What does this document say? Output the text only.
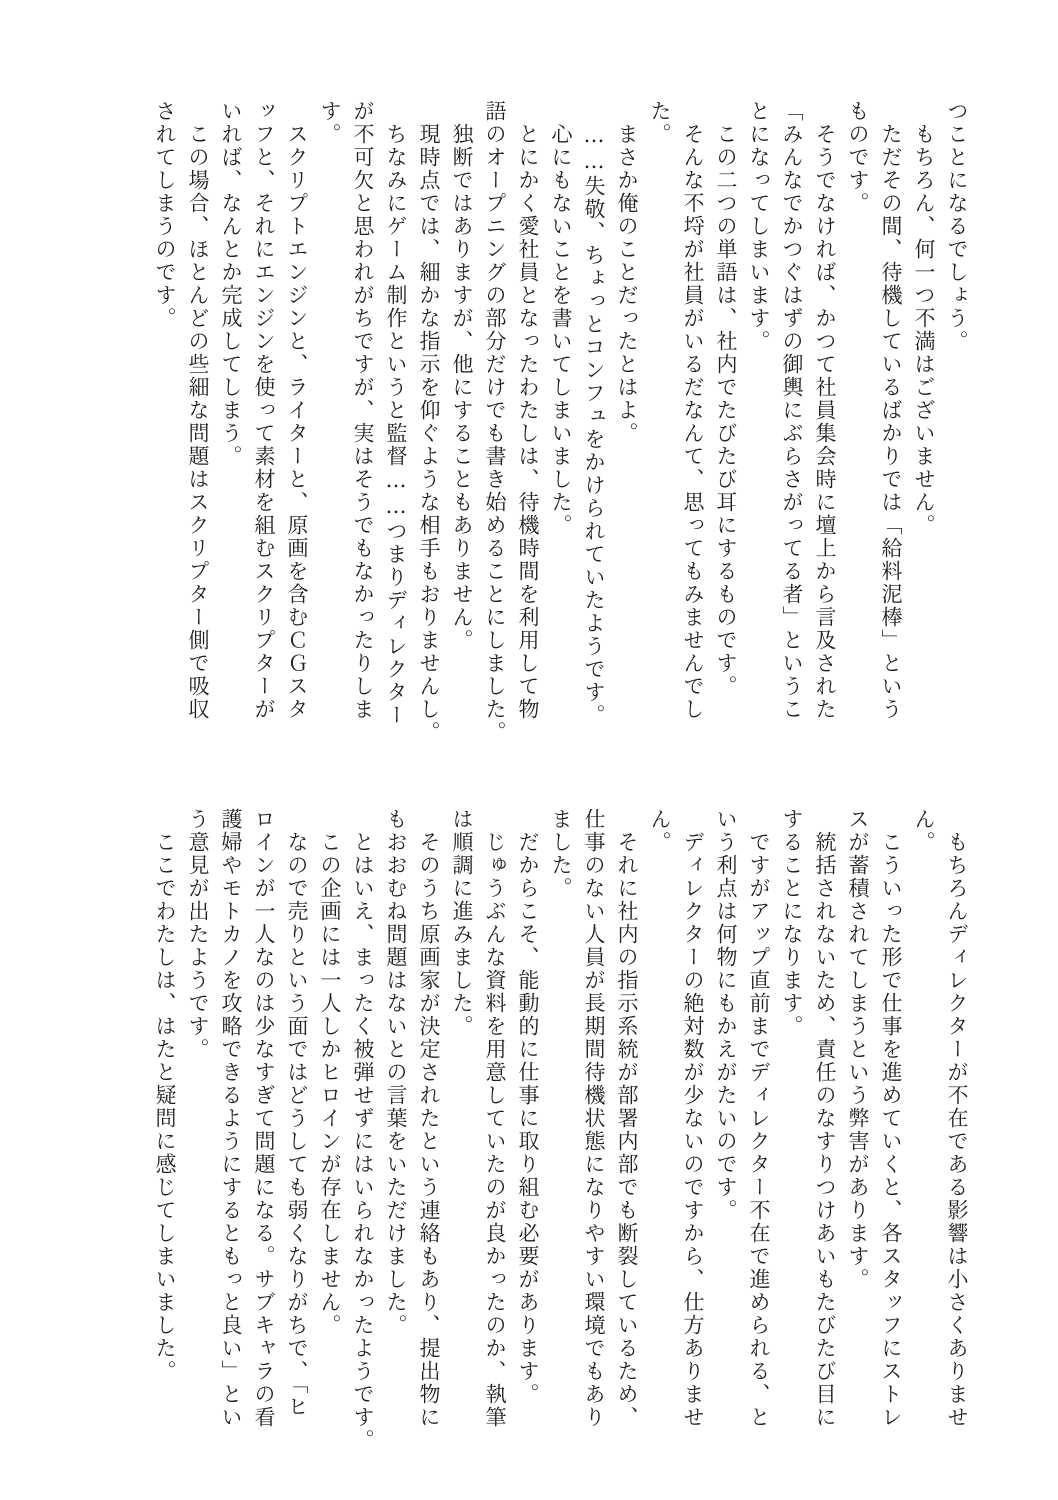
つことになるでしょう。

　もちろん、何一つ不満はございません。

　ただその間、待機しているばかりでは「給料泥棒」という

ものです。

　そうでなければ、かつて社員集会時に壇上から言及された

「みんなでかつぐはずの御輿にぶらさがってる者」というこ

とになってしまいます。

　この二つの単語は、社内でたびたび耳にするものです。

　そんな不埒が社員がいるだなんて、思ってもみませんでし

た。

　まさか俺のことだったとはよ。

　……失敬、ちょっとコンフュをかけられていたようです。

　心にもないことを書いてしまいました。

　とにかく愛社員となったわたしは、待機時間を利用して物

語のオープニングの部分だけでも書き始めることにしました。

　独断ではありますが、他にすることもありません。

　現時点では、細かな指示を仰ぐような相手もおりませんし。

　ちなみにゲーム制作というと監督……つまりディレクター

が不可欠と思われがちですが、実はそうでもなかったりしま

す。

　スクリプトエンジンと、ライターと、原画を含むＣＧスタ

ッフと、それにエンジンを使って素材を組むスクリプターが

いれば、なんとか完成してしまう。

　この場合、ほとんどの些細な問題はスクリプター側で吸収

されてしまうのです。

　もちろんディレクターが不在である影響は小さくありませ

ん。

　こういった形で仕事を進めていくと、各スタッフにストレ

スが蓄積されてしまうという弊害があります。

　統括されないため、責任のなすりつけあいもたびたび目に

することになります。

　ですがアップ直前までディレクター不在で進められる、と

いう利点は何物にもかえがたいのです。

　ディレクターの絶対数が少ないのですから、仕方ありませ

ん。

　それに社内の指示系統が部署内部でも断裂しているため、

仕事のない人員が長期間待機状態になりやすい環境でもあり

ました。

　だからこそ、能動的に仕事に取り組む必要があります。

　じゅうぶんな資料を用意していたのが良かったのか、執筆

は順調に進みました。

　そのうち原画家が決定されたという連絡もあり、提出物に

もおおむね問題はないとの言葉をいただけました。

　とはいえ、まったく被弾せずにはいられなかったようです。

　この企画には一人しかヒロインが存在しません。

　なので売りという面ではどうしても弱くなりがちで、「ヒ

ロインが一人なのは少なすぎて問題になる。サブキャラの看

護婦やモトカノを攻略できるようにするともっと良い」とい

う意見が出たようです。

　ここでわたしは、はたと疑問に感じてしまいました。
